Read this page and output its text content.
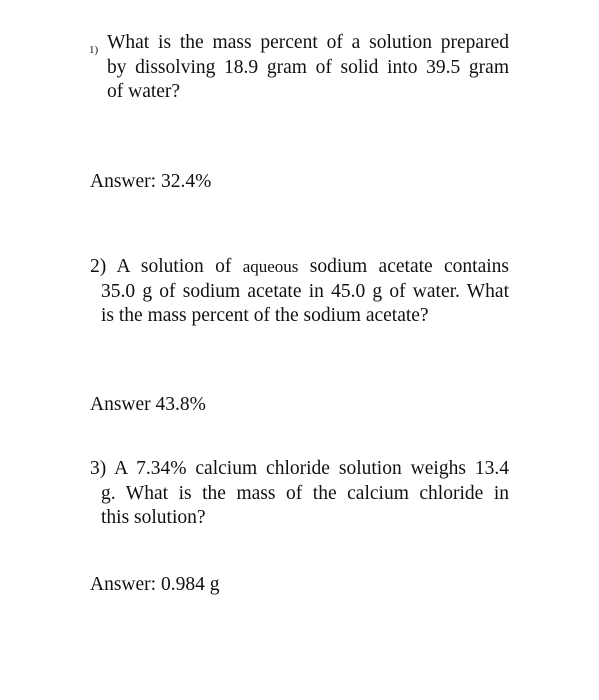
1) What is the mass percent of a solution prepared
by dissolving 18.9 gram of solid into 39.5 gram
of water?
Answer: 32.4%
2) A solution of aqueous sodium acetate contains
35.0 g of sodium acetate in 45.0 g of water. What
is the mass percent of the sodium acetate?
Answer 43.8%
3) A 7.34% calcium chloride solution weighs 13.4
g. What is the mass of the calcium chloride in
this solution?
Answer: 0.984 g
